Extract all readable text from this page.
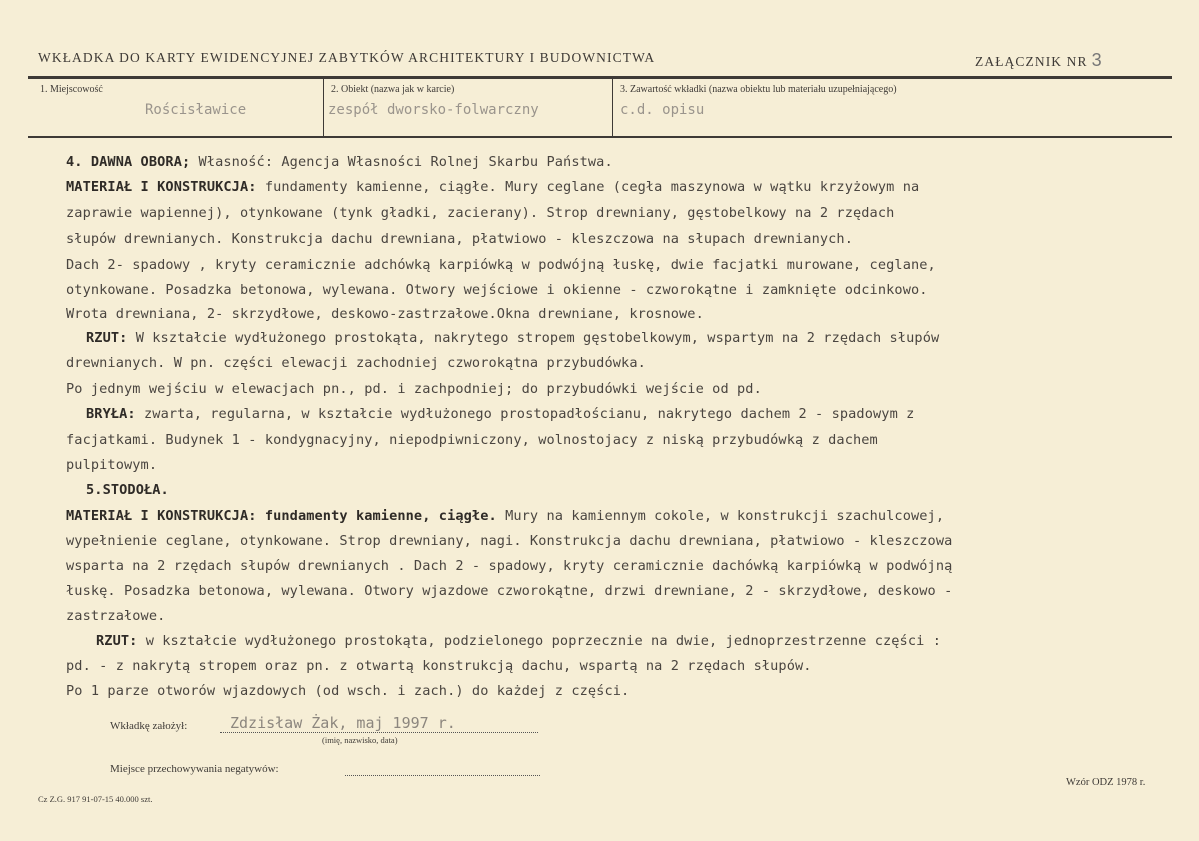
WKŁADKA DO KARTY EWIDENCYJNEJ ZABYTKÓW ARCHITEKTURY I BUDOWNICTWA	ZAŁĄCZNIK NR 3
1. Miejscowość
Rościsławice
2. Obiekt (nazwa jak w karcie)
zespół dworsko-folwarczny
3. Zawartość wkładki (nazwa obiektu lub materiału uzupełniającego)
c.d. opisu
4. DAWNA OBORA; Własność: Agencja Własności Rolnej Skarbu Państwa.
MATERIAŁ I KONSTRUKCJA: fundamenty kamienne, ciągłe. Mury ceglane (cegła maszynowa w wątku krzyżowym na
zaprawie wapiennej), otynkowane (tynk gładki, zacierany). Strop drewniany, gęstobelkowy na 2 rzędach
słupów drewnianych. Konstrukcja dachu drewniana, płatwiowo - kleszczowa na słupach drewnianych.
Dach 2- spadowy , kryty ceramicznie adchówką karpiówką w podwójną łuskę, dwie facjatki murowane, ceglane,
otynkowane. Posadzka betonowa, wylewana. Otwory wejściowe i okienne - czworokątne i zamknięte odcinkowo.
Wrota drewniana, 2- skrzydłowe, deskowo-zastrzałowe.Okna drewniane, krosnowe.
RZUT: W kształcie wydłużonego prostokąta, nakrytego stropem gęstobelkowym, wspartym na 2 rzędach słupów
drewnianych. W pn. części elewacji zachodniej czworokątna przybudówka.
Po jednym wejściu w elewacjach pn., pd. i zachpodniej; do przybudówki wejście od pd.
BRYŁA: zwarta, regularna, w kształcie wydłużonego prostopadłościanu, nakrytego dachem 2 - spadowym z
facjatkami. Budynek 1 - kondygnacyjny, niepodpiwniczony, wolnostojacy z niską przybudówką z dachem
pulpitowym.
5.STODOŁA.
MATERIAŁ I KONSTRUKCJA: fundamenty kamienne, ciągłe. Mury na kamiennym cokole, w konstrukcji szachulcowej,
wypełnienie ceglane, otynkowane. Strop drewniany, nagi. Konstrukcja dachu drewniana, płatwiowo - kleszczowa
wsparta na 2 rzędach słupów drewnianych . Dach 2 - spadowy, kryty ceramicznie dachówką karpiówką w podwójną
łuskę. Posadzka betonowa, wylewana. Otwory wjazdowe czworokątne, drzwi drewniane, 2 - skrzydłowe, deskowo -
zastrzałowe.
RZUT: w kształcie wydłużonego prostokąta, podzielonego poprzecznie na dwie, jednoprzestrzenne części :
pd. - z nakrytą stropem oraz pn. z otwartą konstrukcją dachu, wspartą na 2 rzędach słupów.
Po 1 parze otworów wjazdowych (od wsch. i zach.) do każdej z części.
Wkładkę założył:	Zdzisław Żak, maj 1997 r.
(imię, nazwisko, data)
Miejsce przechowywania negatywów:
Cz Z.G. 917 91-07-15 40.000 szt.
Wzór ODZ 1978 r.
